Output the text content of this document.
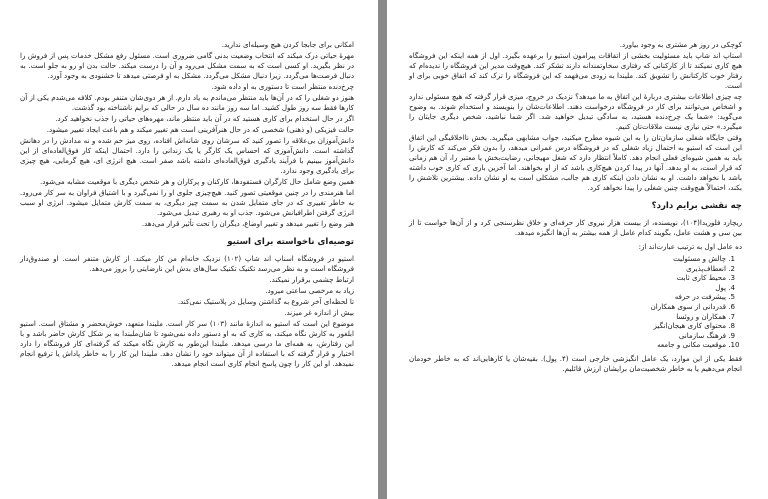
امکانی برای جابجا کردن هیچ وسیله‌ای ندارید.

مهرهٔ حیاتی درک میکند که انتخاب وضعیت بدنی گامی ضروری است. مسئول رفع مشکل خدمات پس از فروش را در نظر بگیرید. او کسی است که به سمت مشکل می‌رود و آن را درست میکند. حالت بدن او رو به جلو است. به دنبال فرصت‌ها می‌گردد. زیرا دنبال مشکل می‌گردد. مشکل به او فرصتی میدهد تا خشنودی به وجود آورد.

چرخ‌دنده منتظر است تا دستوری به او داده شود.

هنوز دو شغلی را که در آن‌ها باید منتظر می‌ماندم به یاد دارم. از هر دوی‌شان متنفر بودم. کلافه می‌شدم یکی از آن کارها فقط سه روز طول کشید. اما سه روز مانند ده سال در حالی که برایم ناشناخته بود گذشت.

اگر در حال استخدام برای کاری هستید که در آن باید منتظر ماند، مهره‌های حیاتی را جذب نخواهید کرد.

حالت فیزیکی (و ذهنی) شخصی که در حال هنرآفرینی است هم تغییر میکند و هم باعث ایجاد تغییر میشود.

دانش‌آموزان بی‌علاقه را تصور کنید که سرشان روی شانه‌اش افتاده، روی میز خم شده و نه مدادش را در دهانش گذاشته است. دانش‌آموزی که احساس یک کارگر یا یک زندانی را دارد. احتمال اینکه کار فوق‌العاده‌ای از این دانش‌آموز ببینیم با فرآیند یادگیری فوق‌العاده‌ای داشته باشد صفر است. هیچ انرژی ای، هیچ گرمایی، هیچ چیزی برای یادگیری وجود ندارد.

همین وضع شامل حال کارگران فستفودها، کارکنان و پرکاران و هر شخص دیگری با موقعیت مشابه می‌شود.

اما هنرمندی را در چنین موقعیتی تصور کنید. هیچ‌چیزی جلوی او را نمی‌گیرد و با اشتیاق فراوان به سر کار می‌رود. به خاطر تغییری که در جای متمایل شدن به سمت چیز دیگری، به سمت کارش متمایل میشود. انرژی او سبب انرژی گرفتن اطرافیانش می‌شود. جذب او به رهبری تبدیل می‌شود.

هنر وضع را تغییر میدهد و تغییر اوضاع، دیگران را تحت تأثیر قرار می‌دهد.

توصیه‌ای ناخواسته برای استیو

استیو در فروشگاه اسناپ اند شاپ (۱۰۲) نزدیک خانه‌ام من کار میکند. از کارش متنفر است. او صندوق‌دار فروشگاه است و به نظر می‌رسد تکنیک تکنیک سال‌های بدش این نارضایتی را بروز می‌دهد.

ارتباط چشمی برقرار نمیکند.

زیاد به مرخصی ساعتی میرود.

تا لحظه‌ای آخر شروع به گذاشتن وسایل در پلاستیک نمی‌کند.

بیش از اندازه غر میزند.

موضوع این است که استیو به اندازهٔ مانند (۱۰۳) سر کار است. ملیندا متعهد، خوش‌محضر و مشتاق است. استیو ابلغور به کارش نگاه میکند، به کاری که به او دستور داده نمی‌شود تا شان‌ملبندا به بر شکل کارش حاضر باشد و با این رفتارش، به همه‌ای ما درسی میدهد. ملیندا این‌طور به کارش نگاه میکند که گرفته‌ای کار فروشگاه را دارد اختیار و قرار گرفته که با استفاده از آن میتواند خود را نشان دهد. ملیندا این کار را به خاطر پاداش یا ترفیع انجام نمیدهد. او این کار را چون پاسخ انجام کاری است انجام میدهد.

کوچکی در روز هر مشتری به وجود بیاورد.

استاپ اند شاپ باید مسئولیت بخشی از اتفاقات پیرامون استیو را برعهده بگیرد. اول از همه اینکه این فروشگاه هیچ کاری نمیکند تا از کارکنانی که رفتاری سخاوتمندانه دارند تشکر کند. هیچ‌وقت مدیر این فروشگاه را ندیده‌ام که رفتار خوب کارکنانش را تشویق کند. ملیندا به زودی می‌فهمد که این فروشگاه را ترک کند که اتفاق خوبی برای او است.

چه چیزی اطلاعات بیشتری دربارهٔ این اتفاق به ما میدهد؟ نزدیک در خروج، میزی قرار گرفته که هیچ مسئولی ندارد و اشخاص می‌توانند برای کار در فروشگاه درخواست دهند. اطلاعات‌شان را بنویسند و استخدام شوند. به وضوح می‌گوید: «شما یک چرخ‌دنده هستید، به سادگی تبدیل خواهید شد. اگر شما نباشید، شخص دیگری جایتان را میگیرد.» حتی نیازی نیست ملاقات‌تان کنیم.

وقتی جایگاه شغلی سازمان‌تان را به این شیوه مطرح میکنید، جواب مشابهی میگیرید. بخش نااخلاقیگی این اتفاق این است که استیو به احتمال زیاد شغلی که در فروشگاه درس عمرانی میدهد، را بدون فکر می‌کند که کارش را باید به همین شیوه‌ای فعلی انجام دهد. کاملاً انتظار دارد که شغل مهیجانی، رضایت‌بخش یا معتبر را، آن هم زمانی که قرار است، به او بدهد. آنها در پیدا کردن هیچ‌کاری باشد که از او بخواهند. اما آخرین باری که کاری خوب داشته باشد با نخواهد داشت. او به نشان دادن اینکه کاری هم جالب، مشکلی است به او نشان داده. بیشترین تلاشش را بکند، احتمالاً هیچ‌وقت چنین شغلی را پیدا نخواهد کرد.

چه نقشی برایم دارد؟

ریچارد فلوریدا(۱۰۴)، نویسنده، از بیست هزار نیروی کار حرفه‌ای و خلاق نظرسنجی کرد و از آن‌ها خواست تا از بین سی و هشت عامل، بگویند کدام عامل از همه بیشتر به آن‌ها انگیزه میدهد.

ده عامل اول به ترتیب عبارت‌اند از:

1. چالش و مسئولیت
2. انعطاف‌پذیری
3. محیط کاری ثابت
4. پول
5. پیشرفت در حرفه
6. قدردانی از سوی همکاران
7. همکاران و روئسا
8. محتوای کاری هیجان‌انگیز
9. فرهنگ سازمانی
10. موقعیت مکانی و جامعه

فقط یکی از این موارد، یک عامل انگیزشی خارجی است (۴. پول). بقیه‌شان یا کارهایی‌اند که به خاطر خودمان انجام می‌دهیم یا به خاطر شخصیت‌مان برایشان ارزش قائلیم.
